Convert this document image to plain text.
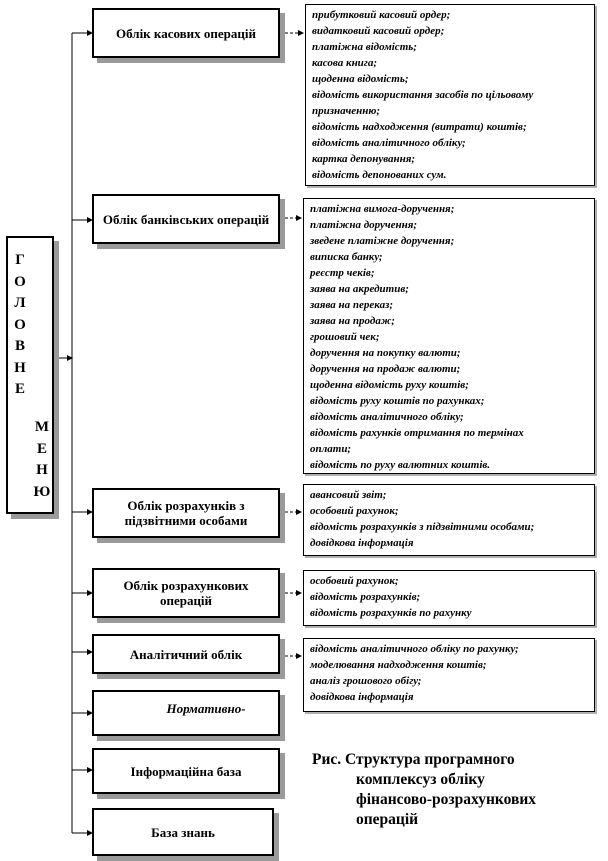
Г
О
Л
О
В
Н
Е
М
Е
Н
Ю
Облік касових операцій
Облік банківських операцій
Облік розрахунків з підзвітними особами
Облік розрахункових операцій
Аналітичний облік
Нормативно-
Інформаційна база
База знань
прибутковий касовий ордер;
видатковий касовий ордер;
платіжна відомість;
касова книга;
щоденна відомість;
відомість використання засобів по цільовому
призначенню;
відомість надходження (витрати) коштів;
відомість аналітичного обліку;
картка депонування;
відомість депонованих сум.
платіжна вимога-доручення;
платіжна доручення;
зведене платіжне доручення;
виписка банку;
реєстр чеків;
заява на акредитив;
заява на переказ;
заява на продаж;
грошовий чек;
доручення на покупку валюти;
доручення на продаж валюти;
щоденна відомість руху коштів;
відомість руху коштів по рахунках;
відомість аналітичного обліку;
відомість рахунків отримання по термінах
оплати;
відомість по руху валютних коштів.
авансовий звіт;
особовий рахунок;
відомість розрахунків з підзвітними особами;
довідкова інформація
особовий рахунок;
відомість розрахунків;
відомість розрахунків по рахунку
відомість аналітичного обліку по рахунку;
моделювання надходження коштів;
аналіз грошового обігу;
довідкова інформація
Рис. Структура програмного
комплексуз обліку
фінансово-розрахункових
операцій
